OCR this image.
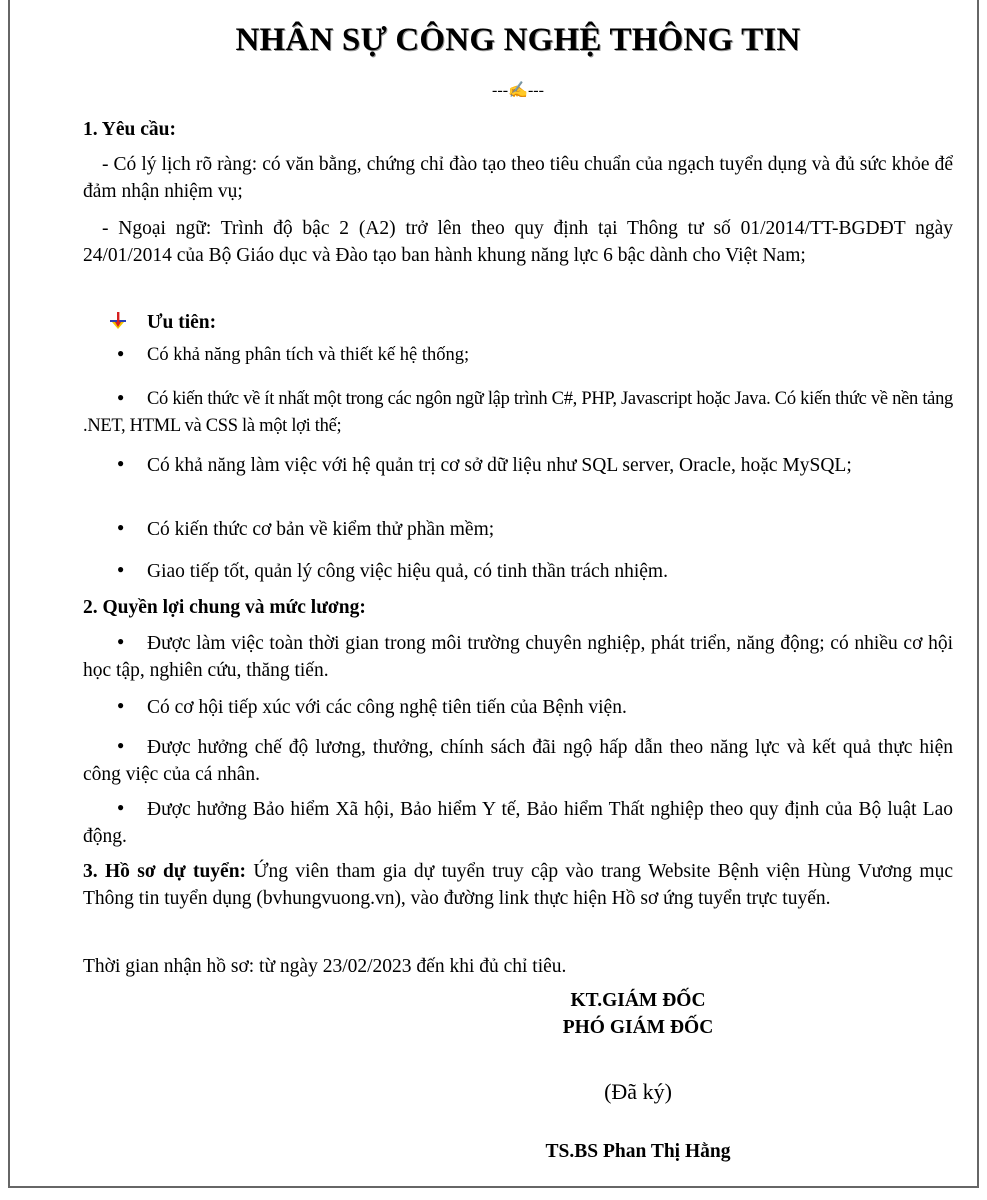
NHÂN SỰ CÔNG NGHỆ THÔNG TIN
---✍---
1. Yêu cầu:
- Có lý lịch rõ ràng: có văn bằng, chứng chỉ đào tạo theo tiêu chuẩn của ngạch tuyển dụng và đủ sức khỏe để đảm nhận nhiệm vụ;
- Ngoại ngữ: Trình độ bậc 2 (A2) trở lên theo quy định tại Thông tư số 01/2014/TT-BGDĐT ngày 24/01/2014 của Bộ Giáo dục và Đào tạo ban hành khung năng lực 6 bậc dành cho Việt Nam;
Ưu tiên:
● Có khả năng phân tích và thiết kế hệ thống;
●	Có kiến thức về ít nhất một trong các ngôn ngữ lập trình C#, PHP, Javascript hoặc Java. Có kiến thức về nền tảng .NET, HTML và CSS là một lợi thế;
●	Có khả năng làm việc với hệ quản trị cơ sở dữ liệu như SQL server, Oracle, hoặc MySQL;
● Có kiến thức cơ bản về kiểm thử phần mềm;
● Giao tiếp tốt, quản lý công việc hiệu quả, có tinh thần trách nhiệm.
2. Quyền lợi chung và mức lương:
●	Được làm việc toàn thời gian trong môi trường chuyên nghiệp, phát triển, năng động; có nhiều cơ hội học tập, nghiên cứu, thăng tiến.
● Có cơ hội tiếp xúc với các công nghệ tiên tiến của Bệnh viện.
●	Được hưởng chế độ lương, thưởng, chính sách đãi ngộ hấp dẫn theo năng lực và kết quả thực hiện công việc của cá nhân.
●	Được hưởng Bảo hiểm Xã hội, Bảo hiểm Y tế, Bảo hiểm Thất nghiệp theo quy định của Bộ luật Lao động.
3. Hồ sơ dự tuyển: Ứng viên tham gia dự tuyển truy cập vào trang Website Bệnh viện Hùng Vương mục Thông tin tuyển dụng (bvhungvuong.vn), vào đường link thực hiện Hồ sơ ứng tuyển trực tuyến.
Thời gian nhận hồ sơ: từ ngày 23/02/2023 đến khi đủ chỉ tiêu.
KT.GIÁM ĐỐC
PHÓ GIÁM ĐỐC
(Đã ký)
TS.BS Phan Thị Hằng
